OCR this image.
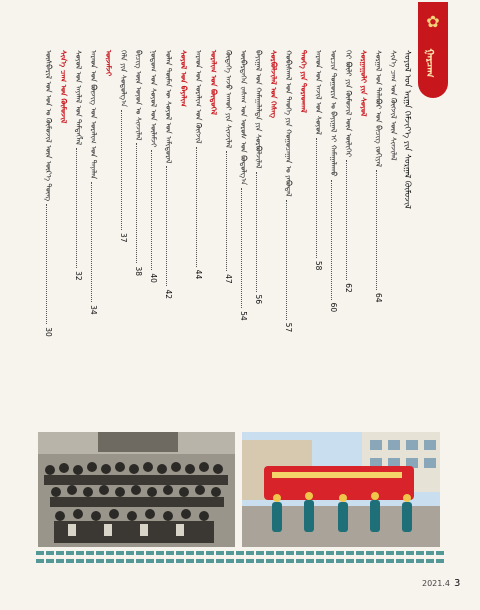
✿
ᠭᠠᠷᠴᠠᠭ
ᠰᠣᠶᠣᠯ ᠤᠨ ᠠᠷᠭᠠ ᠬᠡᠮᠵᠢᠶ᠎ᠡ ᠶᠢᠨ ᠰᠤᠷᠭᠠᠯ ᠬᠥᠮᠦᠵᠢᠯ
ᠱᠢᠨ᠎ᠡ ᠴᠠᠭ ᠤᠨ ᠬᠥᠭᠵᠢᠯ ᠦᠨ ᠰᠢᠨᠵᠢᠯᠡᠯ
ᠰᠤᠷᠭᠠᠯ ᠤᠨ ᠲᠠᠯᠠᠪᠤᠷ ᠤᠨ ᠪᠢᠴᠢᠭ ᠵᠣᠬᠢᠶᠠᠯ64
ᠰᠤᠷᠭᠠᠭᠤᠯᠢ ᠶᠢᠨ ᠰᠣᠶᠣᠯ
ᠭᠡᠷ ᠪᠦᠯᠢ ᠶᠢᠨ ᠬᠦᠮᠦᠵᠢᠯ ᠦᠨ ᠦᠯᠢᠭᠡᠷ62
ᠣᠷᠴᠢᠨ ᠲᠣᠭᠣᠷᠢᠨ ᠤ ᠪᠠᠶᠢᠭᠠᠯ ᠢ ᠬᠠᠮᠠᠭᠠᠯᠠᠬᠤ60
ᠠᠷᠠᠳ ᠤᠨ ᠠᠵᠢᠯ ᠤᠨ ᠰᠣᠶᠣᠯ58
ᠲᠡᠦᠬᠡ ᠶᠢᠨ ᠳᠤᠷᠠᠳᠬᠠᠯ
ᠬᠤᠪᠢᠰᠬᠠᠯ ᠤᠨ ᠲᠡᠦᠬᠡ ᠶᠢᠨ ᠬᠤᠭᠤᠴᠠᠭᠠᠨ ᠤ ᠶᠠᠪᠤᠳᠠᠯ57
ᠰᠤᠷᠪᠤᠯᠵᠢᠯᠠᠯ ᠤᠨ ᠬᠡᠰᠡᠭ
ᠪᠠᠶᠢᠭᠠᠯ ᠤᠨ ᠬᠠᠮᠠᠭᠠᠯᠠᠯᠲᠠ ᠶᠢᠨ ᠰᠤᠷᠪᠤᠯᠵᠢᠯᠠᠯ56
ᠥᠪᠡᠷᠲᠡᠭᠡᠨ ᠵᠠᠰᠠᠭ ᠤᠨ ᠤᠷᠤᠰ ᠤᠨ ᠪᠣᠳᠤᠯᠭ᠎ᠠ54
ᠬᠥᠳᠡᠭᠡ ᠠᠵᠤ ᠠᠬᠤᠢ ᠶᠢᠨ ᠰᠢᠨᠵᠢᠯᠡᠯ47
ᠤᠷᠠᠯᠢᠭ ᠤᠨ ᠪᠦᠲᠦᠭᠡᠯ
ᠠᠷᠠᠳ ᠤᠨ ᠤᠷᠠᠯᠢᠭ ᠤᠨ ᠬᠥᠭᠵᠢᠯ44
ᠰᠣᠶᠣᠯ ᠤᠨ ᠪᠠᠶᠠᠯᠢᠭ
ᠣᠯᠠᠨ ᠲᠦᠮᠡᠨ ᠦ ᠰᠣᠶᠣᠯ ᠤᠨ ᠠᠮᠢᠳᠤᠷᠠᠯ42
ᠨᠤᠲᠤᠭ ᠤᠨ ᠰᠣᠶᠣᠯ ᠤᠨ ᠦᠯᠡᠮᠵᠢ40
ᠪᠢᠴᠢᠭ ᠦᠨ ᠣᠶᠤᠨ ᠤ ᠰᠢᠨᠵᠢᠯᠡᠯ38
ᠬᠡᠯᠡ ᠶᠢᠨ ᠰᠤᠳᠤᠯᠭ᠎ᠠ37
ᠦᠵᠡᠮᠵᠢ
ᠠᠷᠠᠳ ᠤᠨ ᠪᠦᠵᠢᠭ ᠤᠨ ᠤᠷᠠᠯᠢᠭ ᠤᠨ ᠲᠠᠶᠠᠯᠠᠨ34
ᠰᠣᠶᠣᠯ ᠤᠨ ᠠᠶᠠᠯᠠᠯ ᠤᠨ ᠲᠡᠮᠳᠡᠭᠯᠡᠯ32
ᠰᠢᠨ᠎ᠡ ᠴᠠᠭ ᠤᠨ ᠬᠦᠮᠦᠵᠢᠯ
ᠥᠰᠪᠡᠷᠢᠯ ᠤᠨ ᠣᠨ ᠤ ᠬᠦᠮᠦᠵᠢᠯ ᠦᠨ ᠦᠷ᠎ᠡ ᠳᠦᠩ30
2021.4 3
